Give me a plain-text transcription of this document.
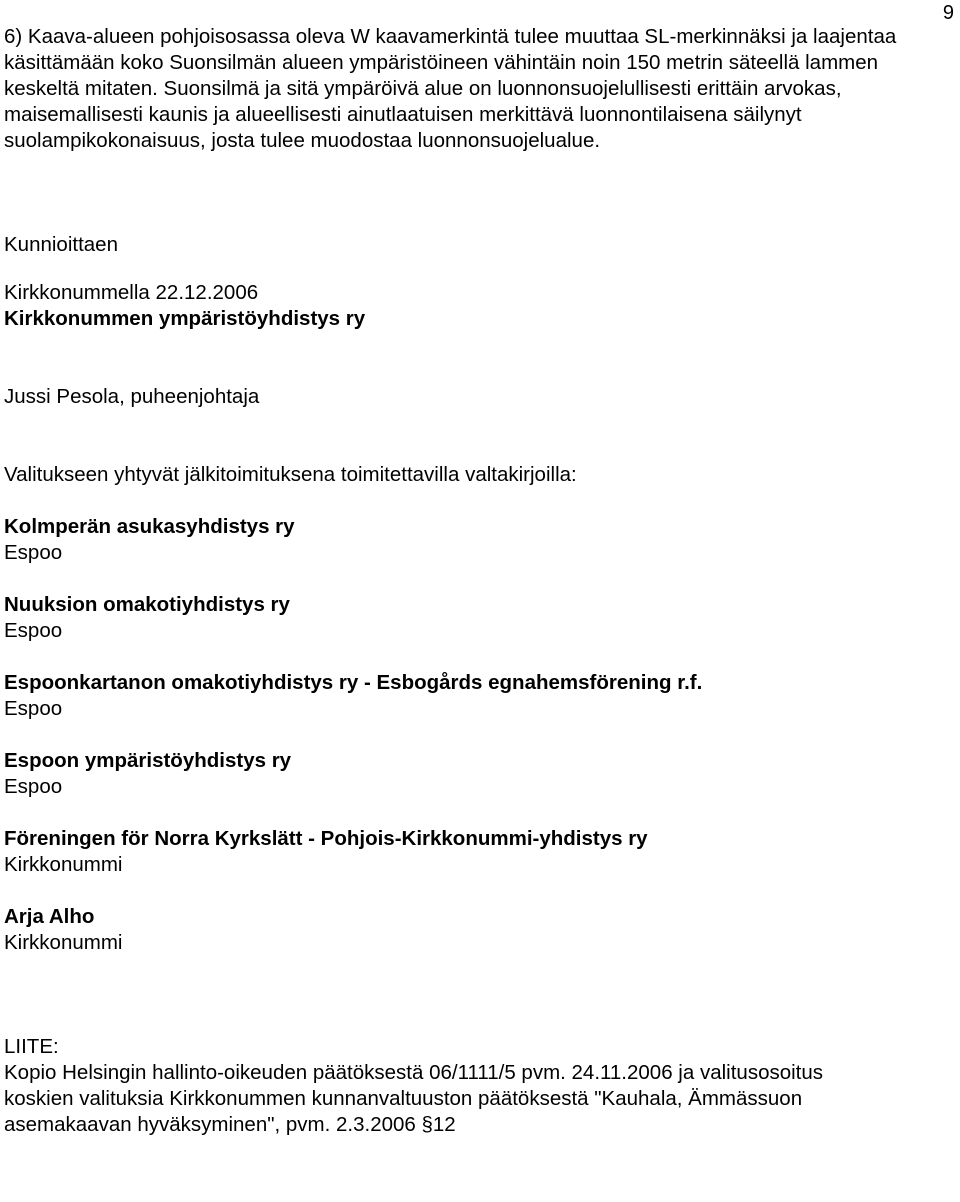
9

6) Kaava-alueen pohjoisosassa oleva W kaavamerkintä tulee muuttaa SL-merkinnäksi ja laajentaa käsittämään koko Suonsilmän alueen ympäristöineen vähintäin noin 150 metrin säteellä lammen keskeltä mitaten. Suonsilmä ja sitä ympäröivä alue on luonnonsuojelullisesti erittäin arvokas, maisemallisesti kaunis ja alueellisesti ainutlaatuisen merkittävä luonnontilaisena säilynyt suolampikokonaisuus, josta tulee muodostaa luonnonsuojelualue.

Kunnioittaen

Kirkkonummella 22.12.2006

Kirkkonummen ympäristöyhdistys ry

Jussi Pesola, puheenjohtaja

Valitukseen yhtyvät jälkitoimituksena toimitettavilla valtakirjoilla:

Kolmperän asukasyhdistys ry

Espoo

Nuuksion omakotiyhdistys ry

Espoo

Espoonkartanon omakotiyhdistys ry - Esbogårds egnahemsförening r.f.

Espoo

Espoon ympäristöyhdistys ry

Espoo

Föreningen för Norra Kyrkslätt - Pohjois-Kirkkonummi-yhdistys ry

Kirkkonummi

Arja Alho

Kirkkonummi

LIITE:

Kopio Helsingin hallinto-oikeuden päätöksestä 06/1111/5 pvm. 24.11.2006 ja valitusosoitus

koskien valituksia Kirkkonummen kunnanvaltuuston päätöksestä "Kauhala, Ämmässuon

asemakaavan hyväksyminen", pvm. 2.3.2006 §12
